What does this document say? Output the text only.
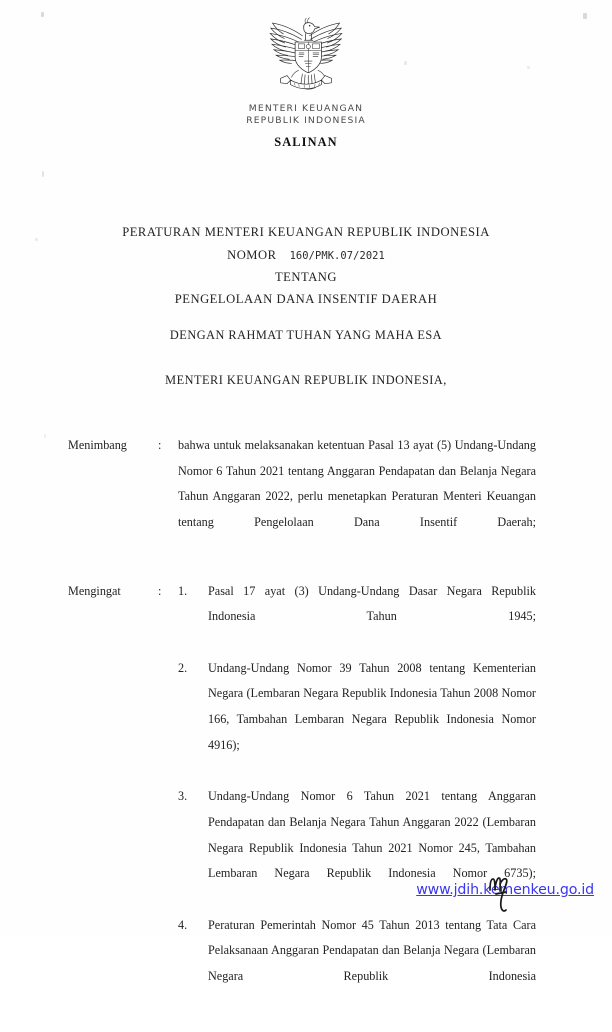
MENTERI KEUANGAN
REPUBLIK INDONESIA
SALINAN
PERATURAN MENTERI KEUANGAN REPUBLIK INDONESIA
NOMOR 160/PMK.07/2021
TENTANG
PENGELOLAAN DANA INSENTIF DAERAH
DENGAN RAHMAT TUHAN YANG MAHA ESA
MENTERI KEUANGAN REPUBLIK INDONESIA,
Menimbang	:	bahwa untuk melaksanakan ketentuan Pasal 13 ayat (5) Undang-Undang Nomor 6 Tahun 2021 tentang Anggaran Pendapatan dan Belanja Negara Tahun Anggaran 2022, perlu menetapkan Peraturan Menteri Keuangan tentang Pengelolaan Dana Insentif Daerah;

Mengingat	:	1.	Pasal 17 ayat (3) Undang-Undang Dasar Negara Republik Indonesia Tahun 1945;
2.	Undang-Undang Nomor 39 Tahun 2008 tentang Kementerian Negara (Lembaran Negara Republik Indonesia Tahun 2008 Nomor 166, Tambahan Lembaran Negara Republik Indonesia Nomor 4916);
3.	Undang-Undang Nomor 6 Tahun 2021 tentang Anggaran Pendapatan dan Belanja Negara Tahun Anggaran 2022 (Lembaran Negara Republik Indonesia Tahun 2021 Nomor 245, Tambahan Lembaran Negara Republik Indonesia Nomor 6735);
4.	Peraturan Pemerintah Nomor 45 Tahun 2013 tentang Tata Cara Pelaksanaan Anggaran Pendapatan dan Belanja Negara (Lembaran Negara Republik Indonesia
www.jdih.kemenkeu.go.id
